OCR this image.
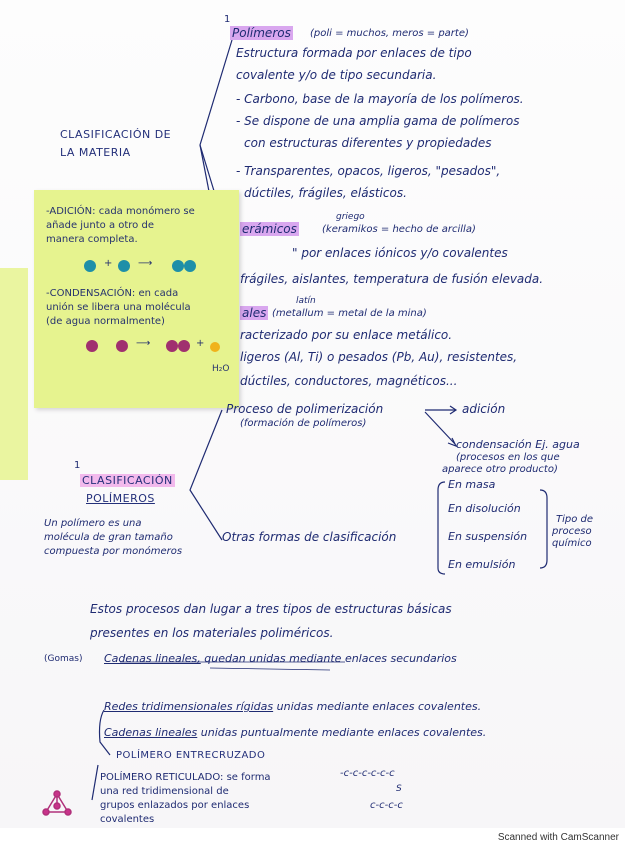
1
Polímeros (poli = muchos, meros = parte)
Estructura formada por enlaces de tipo
covalente y/o de tipo secundaria.
- Carbono, base de la mayoría de los polímeros.
- Se dispone de una amplia gama de polímeros
con estructuras diferentes y propiedades
- Transparentes, opacos, ligeros, "pesados",
dúctiles, frágiles, elásticos.
CLASIFICACIÓN DE
LA MATERIA
griego
erámicos	(keramikos = hecho de arcilla)
" por enlaces iónicos y/o covalentes
frágiles, aislantes, temperatura de fusión elevada.
latín
ales (metallum = metal de la mina)
racterizado por su enlace metálico.
ligeros (Al, Ti) o pesados (Pb, Au), resistentes,
dúctiles, conductores, magnéticos...
-ADICIÓN: cada monómero se
añade junto a otro de
manera completa.
+	⟶
-CONDENSACIÓN: en cada
unión se libera una molécula
(de agua normalmente)
⟶	+
H₂O
Proceso de polimerización
(formación de polímeros)
adición
condensación Ej. agua
(procesos en los que
aparece otro producto)
1
CLASIFICACIÓN
POLÍMEROS
Un polímero es una
molécula de gran tamaño
compuesta por monómeros
Otras formas de clasificación
En masa
En disolución
En suspensión
En emulsión
Tipo de
proceso
químico
Estos procesos dan lugar a tres tipos de estructuras básicas
presentes en los materiales poliméricos.
(Gomas) Cadenas lineales, quedan unidas mediante enlaces secundarios
Redes tridimensionales rígidas unidas mediante enlaces covalentes.
Cadenas lineales unidas puntualmente mediante enlaces covalentes.
POLÍMERO ENTRECRUZADO
POLÍMERO RETICULADO: se forma
una red tridimensional de
grupos enlazados por enlaces
covalentes
-c-c-c-c-c-c
S
c-c-c-c
Scanned with CamScanner
